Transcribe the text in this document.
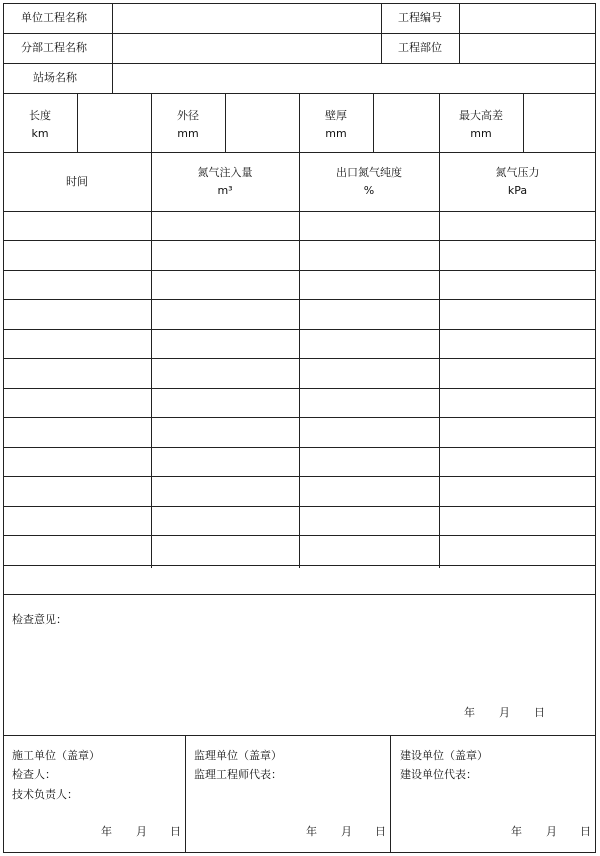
单位工程名称	工程编号
分部工程名称	工程部位
站场名称
长度
km
外径
mm
壁厚
mm
最大高差
mm
时间
氮气注入量
m³
出口氮气纯度
%
氮气压力
kPa
检查意见：
年 月 日
施工单位（盖章）
检查人：
技术负责人：
年 月 日
监理单位（盖章）
监理工程师代表：
年 月 日
建设单位（盖章）
建设单位代表：
年 月 日
